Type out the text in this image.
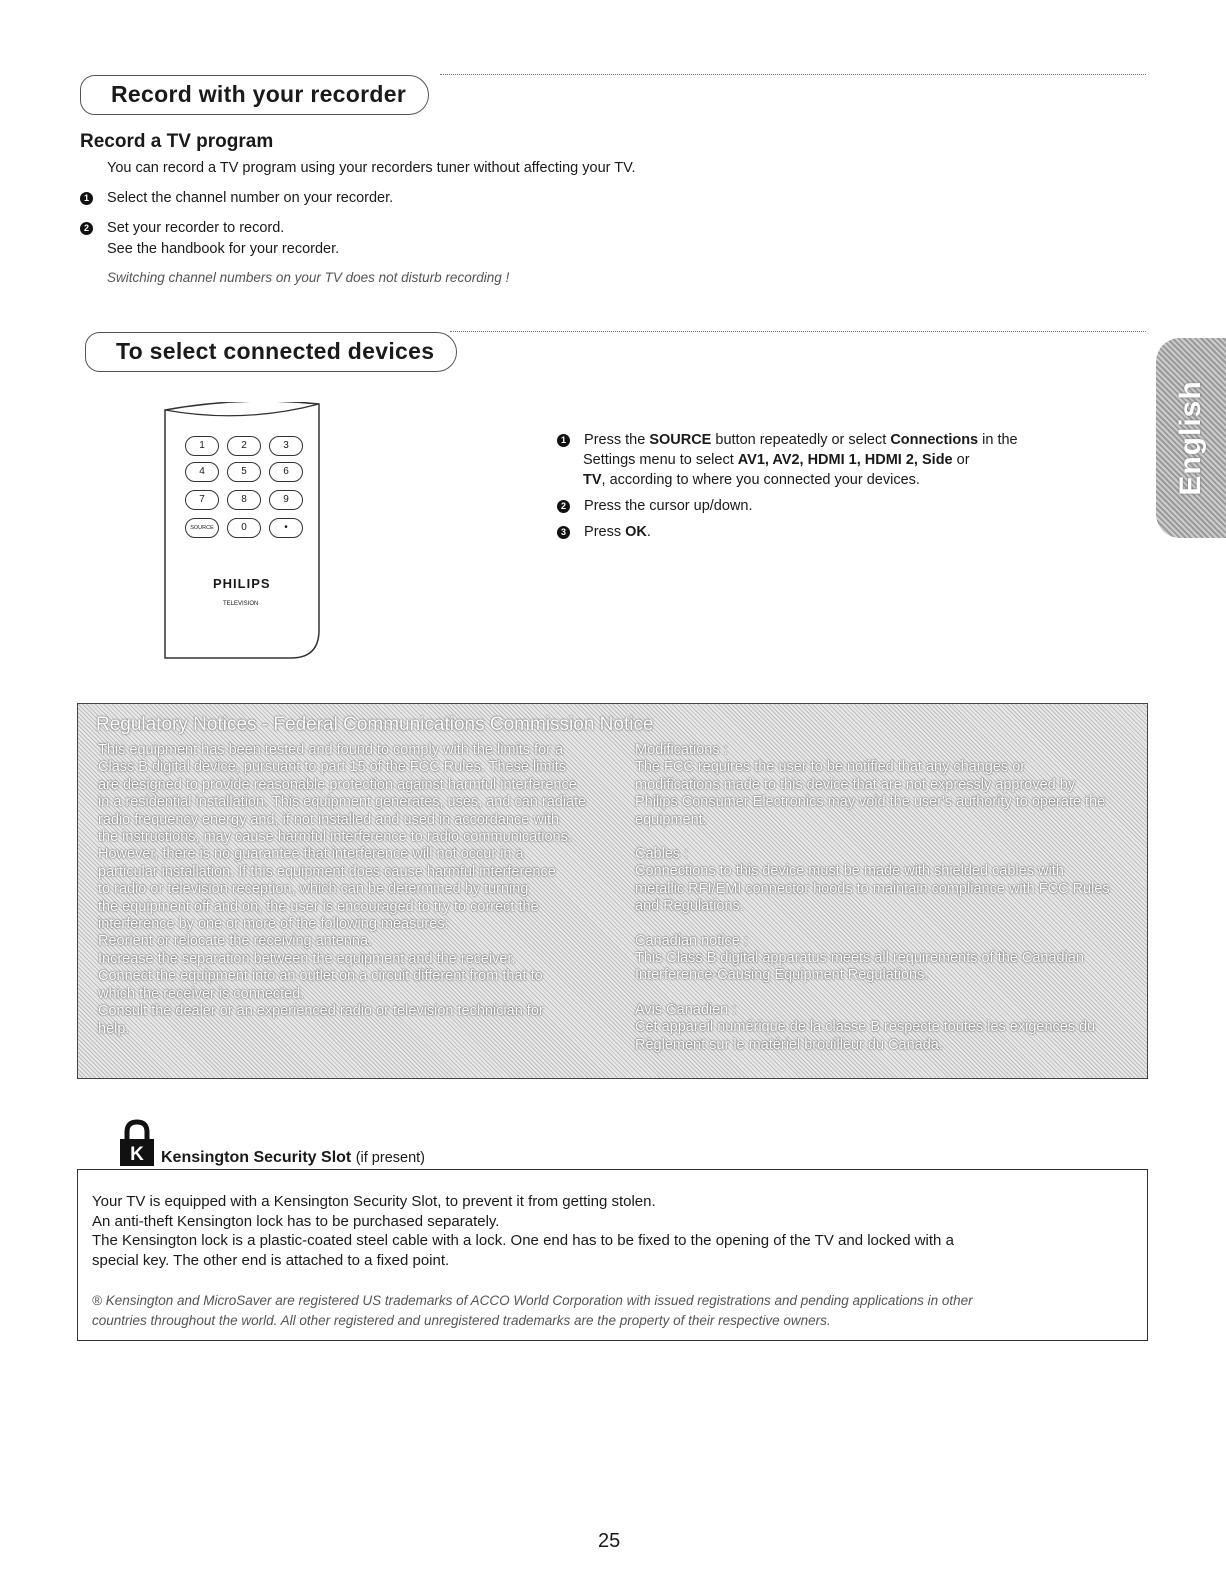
Record with your recorder
Record a TV program
You can record a TV program using your recorders tuner without affecting your TV.
1 Select the channel number on your recorder.
2 Set your recorder to record.
See the handbook for your recorder.
Switching channel numbers on your TV does not disturb recording !
To select connected devices
English
1	2	3
4	5	6
7	8	9
SOURCE	0	•
PHILIPS
TELEVISION
1 Press the SOURCE button repeatedly or select Connections in the
Settings menu to select AV1, AV2, HDMI 1, HDMI 2, Side or
TV, according to where you connected your devices.
2 Press the cursor up/down.
3 Press OK.
Regulatory Notices - Federal Communications Commission Notice

This equipment has been tested and found to comply with the limits for a

Class B digital device, pursuant to part 15 of the FCC Rules. These limits

are designed to provide reasonable protection against harmful interference

in a residential installation. This equipment generates, uses, and can radiate

radio frequency energy and, if not installed and used in accordance with

the instructions, may cause harmful interference to radio communications.

However, there is no guarantee that interference will not occur in a

particular installation. If this equipment does cause harmful interference

to radio or television reception, which can be determined by turning

the equipment off and on, the user is encouraged to try to correct the

interference by one or more of the following measures:

Reorient or relocate the receiving antenna.

Increase the separation between the equipment and the receiver.

Connect the equipment into an outlet on a circuit different from that to

which the receiver is connected.

Consult the dealer or an experienced radio or television technician for

help.

Modifications :

The FCC requires the user to be notified that any changes or

modifications made to this device that are not expressly approved by

Philips Consumer Electronics may void the user's authority to operate the

equipment.

Cables :

Connections to this device must be made with shielded cables with

metallic RFI/EMI connector hoods to maintain compliance with FCC Rules

and Regulations.

Canadian notice :

This Class B digital apparatus meets all requirements of the Canadian

Interference-Causing Equipment Regulations.

Avis Canadien :

Cet appareil numérique de la classe B respecte toutes les exigences du

Règlement sur le matériel brouilleur du Canada.

K Kensington Security Slot (if present)
Your TV is equipped with a Kensington Security Slot, to prevent it from getting stolen.
An anti-theft Kensington lock has to be purchased separately.
The Kensington lock is a plastic-coated steel cable with a lock. One end has to be fixed to the opening of the TV and locked with a
special key. The other end is attached to a fixed point.
® Kensington and MicroSaver are registered US trademarks of ACCO World Corporation with issued registrations and pending applications in other
countries throughout the world. All other registered and unregistered trademarks are the property of their respective owners.
25
